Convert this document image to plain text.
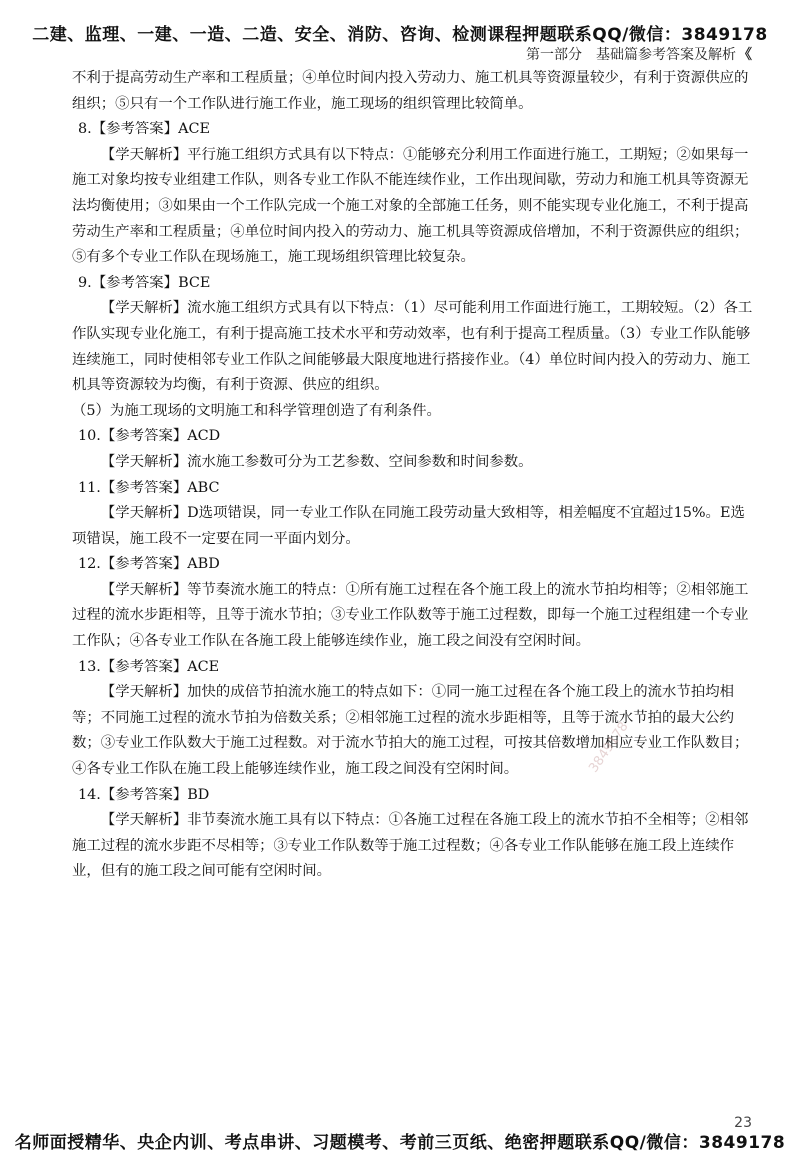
二建、监理、一建、一造、二造、安全、消防、咨询、检测课程押题联系QQ/微信：3849178
第一部分　基础篇参考答案及解析 《

不利于提高劳动生产率和工程质量；④单位时间内投入劳动力、施工机具等资源量较少，有利于资源供应的组织；⑤只有一个工作队进行施工作业，施工现场的组织管理比较简单。

8.【参考答案】ACE

【学天解析】平行施工组织方式具有以下特点：①能够充分利用工作面进行施工，工期短；②如果每一施工对象均按专业组建工作队，则各专业工作队不能连续作业，工作出现间歇，劳动力和施工机具等资源无法均衡使用；③如果由一个工作队完成一个施工对象的全部施工任务，则不能实现专业化施工，不利于提高劳动生产率和工程质量；④单位时间内投入的劳动力、施工机具等资源成倍增加，不利于资源供应的组织；⑤有多个专业工作队在现场施工，施工现场组织管理比较复杂。

9.【参考答案】BCE

【学天解析】流水施工组织方式具有以下特点：（1）尽可能利用工作面进行施工，工期较短。（2）各工作队实现专业化施工，有利于提高施工技术水平和劳动效率，也有利于提高工程质量。（3）专业工作队能够连续施工，同时使相邻专业工作队之间能够最大限度地进行搭接作业。（4）单位时间内投入的劳动力、施工机具等资源较为均衡，有利于资源、供应的组织。

（5）为施工现场的文明施工和科学管理创造了有利条件。

10.【参考答案】ACD

【学天解析】流水施工参数可分为工艺参数、空间参数和时间参数。

11.【参考答案】ABC

【学天解析】D选项错误，同一专业工作队在同施工段劳动量大致相等，相差幅度不宜超过15%。E选项错误，施工段不一定要在同一平面内划分。

12.【参考答案】ABD

【学天解析】等节奏流水施工的特点：①所有施工过程在各个施工段上的流水节拍均相等；②相邻施工过程的流水步距相等，且等于流水节拍；③专业工作队数等于施工过程数，即每一个施工过程组建一个专业工作队；④各专业工作队在各施工段上能够连续作业，施工段之间没有空闲时间。

13.【参考答案】ACE

【学天解析】加快的成倍节拍流水施工的特点如下：①同一施工过程在各个施工段上的流水节拍均相等；不同施工过程的流水节拍为倍数关系；②相邻施工过程的流水步距相等，且等于流水节拍的最大公约数；③专业工作队数大于施工过程数。对于流水节拍大的施工过程，可按其倍数增加相应专业工作队数目；④各专业工作队在施工段上能够连续作业，施工段之间没有空闲时间。

14.【参考答案】BD

【学天解析】非节奏流水施工具有以下特点：①各施工过程在各施工段上的流水节拍不全相等；②相邻施工过程的流水步距不尽相等；③专业工作队数等于施工过程数；④各专业工作队能够在施工段上连续作业，但有的施工段之间可能有空闲时间。

3849178
23
名师面授精华、央企内训、考点串讲、习题模考、考前三页纸、绝密押题联系QQ/微信：3849178
